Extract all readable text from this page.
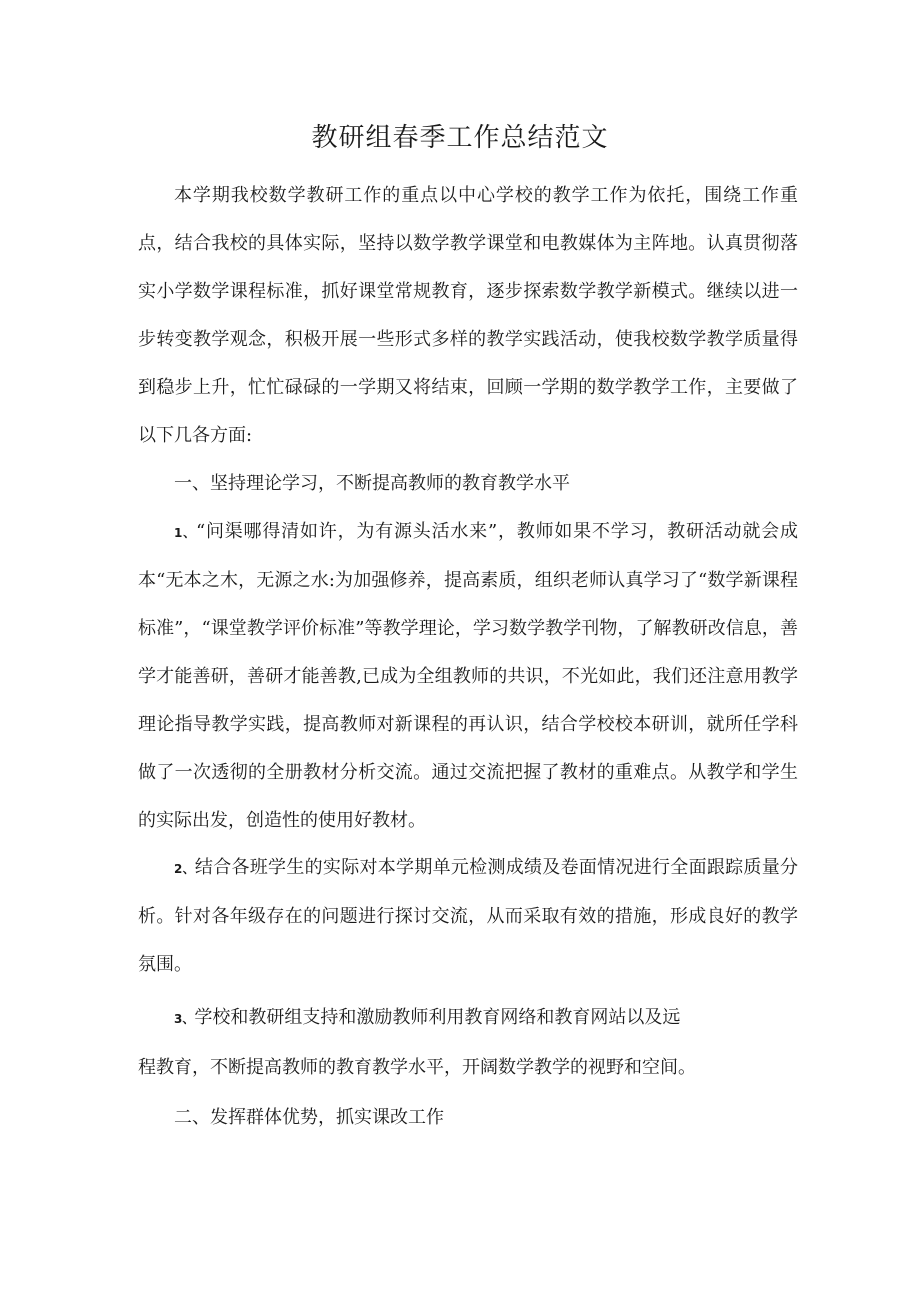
教研组春季工作总结范文

本学期我校数学教研工作的重点以中心学校的教学工作为依托，围绕工作重点，结合我校的具体实际，坚持以数学教学课堂和电教媒体为主阵地。认真贯彻落实小学数学课程标准，抓好课堂常规教育，逐步探索数学教学新模式。继续以进一步转变教学观念，积极开展一些形式多样的教学实践活动，使我校数学教学质量得到稳步上升，忙忙碌碌的一学期又将结束，回顾一学期的数学教学工作，主要做了以下几各方面:

一、坚持理论学习，不断提高教师的教育教学水平

1、“问渠哪得清如许，为有源头活水来”，教师如果不学习，教研活动就会成本“无本之木，无源之水:为加强修养，提高素质，组织老师认真学习了“数学新课程标准”，“课堂教学评价标准”等教学理论，学习数学教学刊物，了解教研改信息，善学才能善研，善研才能善教,已成为全组教师的共识，不光如此，我们还注意用教学理论指导教学实践，提高教师对新课程的再认识，结合学校校本研训，就所任学科做了一次透彻的全册教材分析交流。通过交流把握了教材的重难点。从教学和学生的实际出发，创造性的使用好教材。

2、结合各班学生的实际对本学期单元检测成绩及卷面情况进行全面跟踪质量分析。针对各年级存在的问题进行探讨交流，从而采取有效的措施，形成良好的教学氛围。

3、学校和教研组支持和激励教师利用教育网络和教育网站以及远

程教育，不断提高教师的教育教学水平，开阔数学教学的视野和空间。

二、发挥群体优势，抓实课改工作
